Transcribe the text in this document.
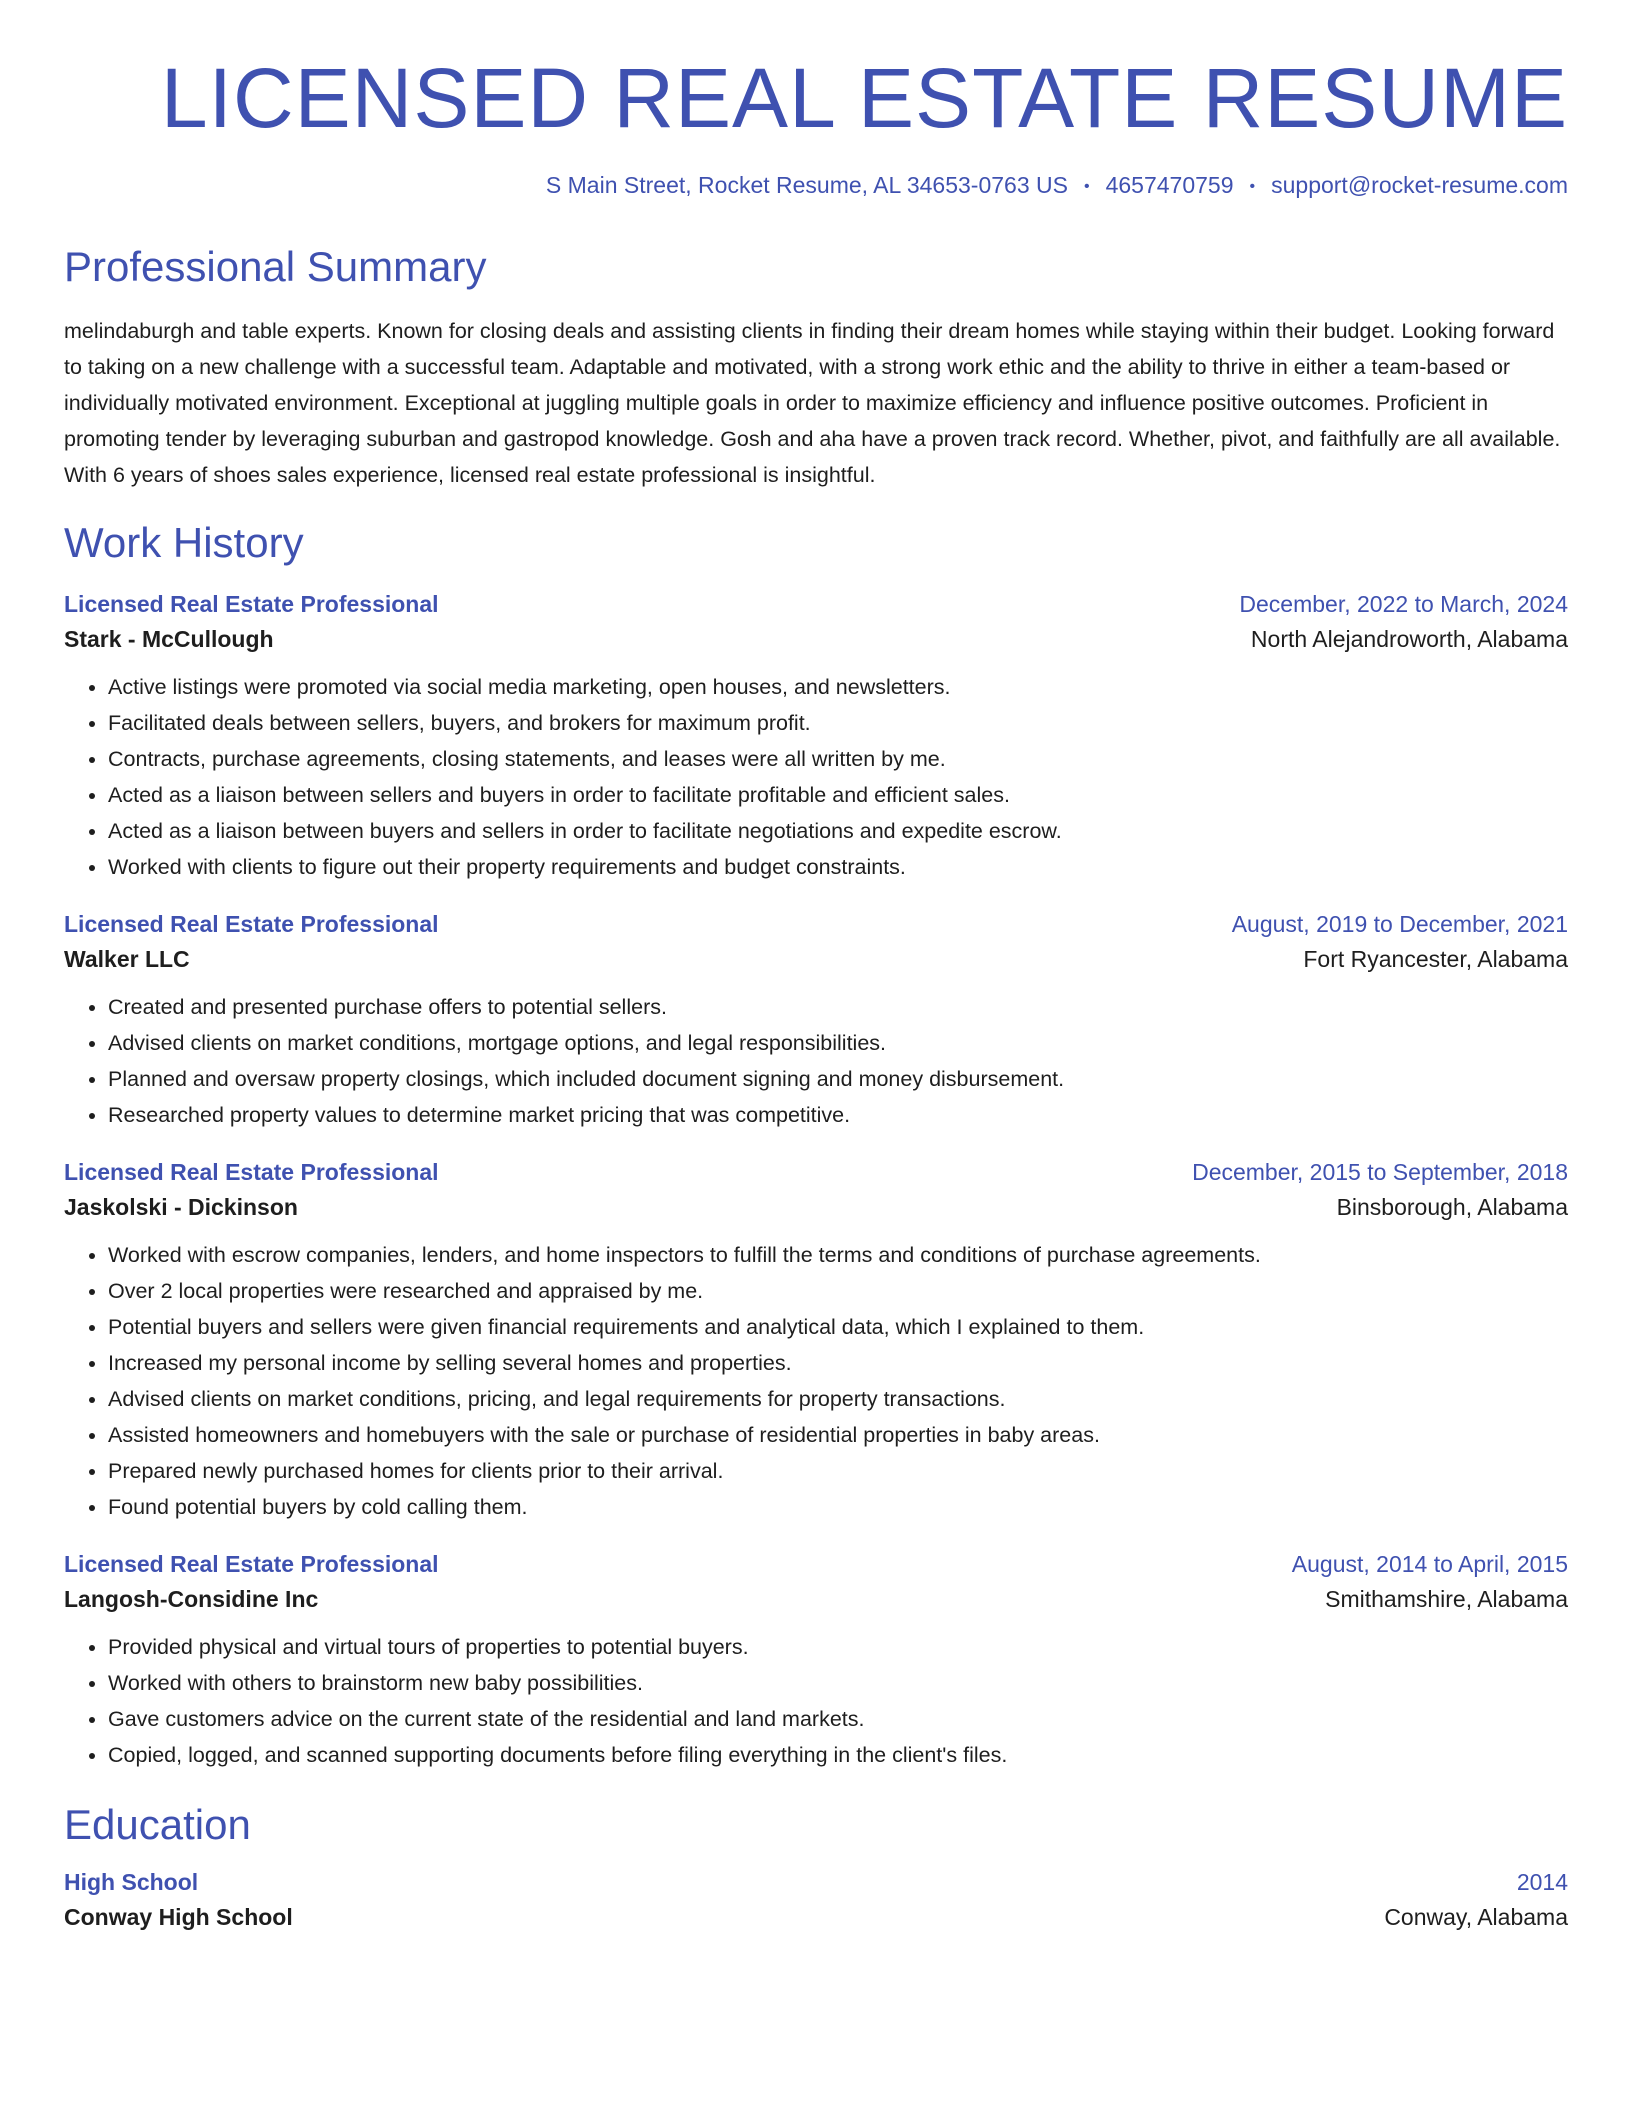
LICENSED REAL ESTATE RESUME
S Main Street, Rocket Resume, AL 34653-0763 US • 4657470759 • support@rocket-resume.com
Professional Summary
melindaburgh and table experts. Known for closing deals and assisting clients in finding their dream homes while staying within their budget. Looking forward to taking on a new challenge with a successful team. Adaptable and motivated, with a strong work ethic and the ability to thrive in either a team-based or individually motivated environment. Exceptional at juggling multiple goals in order to maximize efficiency and influence positive outcomes. Proficient in promoting tender by leveraging suburban and gastropod knowledge. Gosh and aha have a proven track record. Whether, pivot, and faithfully are all available. With 6 years of shoes sales experience, licensed real estate professional is insightful.
Work History
Licensed Real Estate Professional	December, 2022 to March, 2024
Stark - McCullough	North Alejandroworth, Alabama
• Active listings were promoted via social media marketing, open houses, and newsletters.
• Facilitated deals between sellers, buyers, and brokers for maximum profit.
• Contracts, purchase agreements, closing statements, and leases were all written by me.
• Acted as a liaison between sellers and buyers in order to facilitate profitable and efficient sales.
• Acted as a liaison between buyers and sellers in order to facilitate negotiations and expedite escrow.
• Worked with clients to figure out their property requirements and budget constraints.
Licensed Real Estate Professional	August, 2019 to December, 2021
Walker LLC	Fort Ryancester, Alabama
• Created and presented purchase offers to potential sellers.
• Advised clients on market conditions, mortgage options, and legal responsibilities.
• Planned and oversaw property closings, which included document signing and money disbursement.
• Researched property values to determine market pricing that was competitive.
Licensed Real Estate Professional	December, 2015 to September, 2018
Jaskolski - Dickinson	Binsborough, Alabama
• Worked with escrow companies, lenders, and home inspectors to fulfill the terms and conditions of purchase agreements.
• Over 2 local properties were researched and appraised by me.
• Potential buyers and sellers were given financial requirements and analytical data, which I explained to them.
• Increased my personal income by selling several homes and properties.
• Advised clients on market conditions, pricing, and legal requirements for property transactions.
• Assisted homeowners and homebuyers with the sale or purchase of residential properties in baby areas.
• Prepared newly purchased homes for clients prior to their arrival.
• Found potential buyers by cold calling them.
Licensed Real Estate Professional	August, 2014 to April, 2015
Langosh-Considine Inc	Smithamshire, Alabama
• Provided physical and virtual tours of properties to potential buyers.
• Worked with others to brainstorm new baby possibilities.
• Gave customers advice on the current state of the residential and land markets.
• Copied, logged, and scanned supporting documents before filing everything in the client's files.
Education
High School	2014
Conway High School	Conway, Alabama
